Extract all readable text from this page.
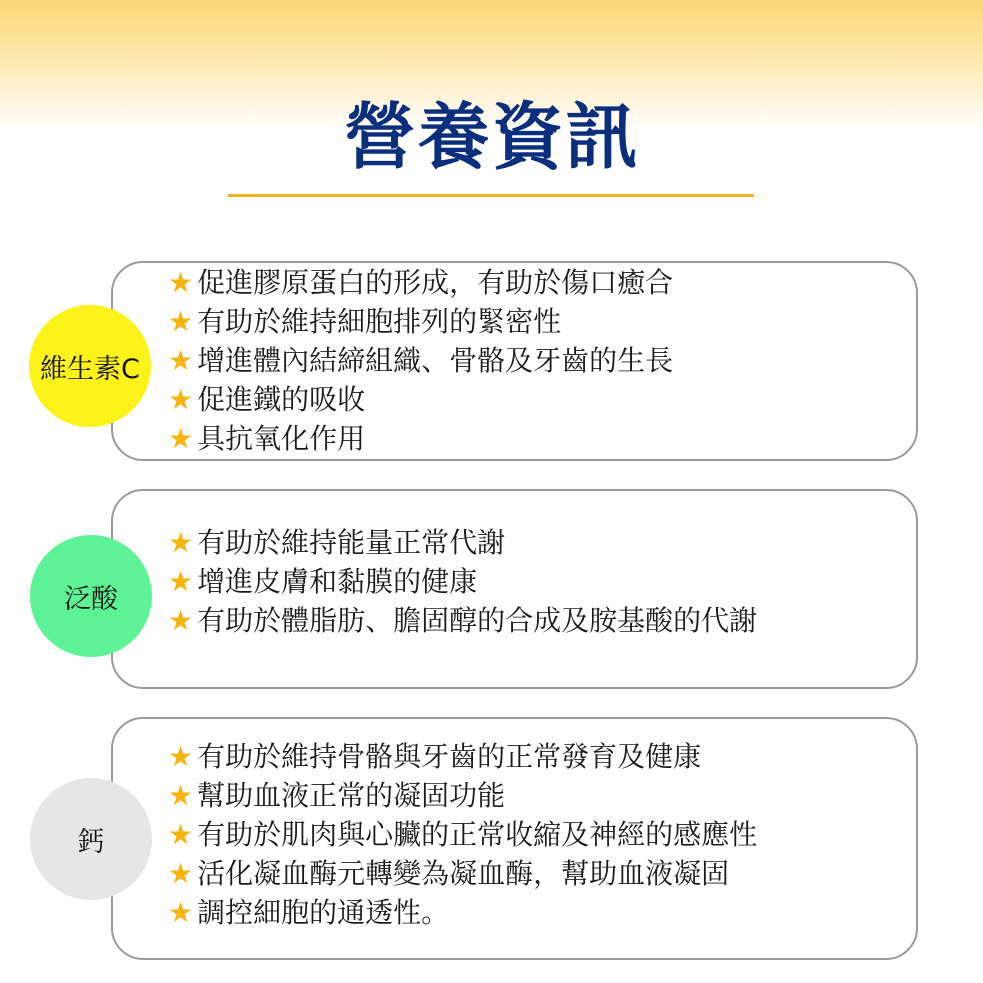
營養資訊
維生素C
★ 促進膠原蛋白的形成，有助於傷口癒合
★ 有助於維持細胞排列的緊密性
★ 增進體內結締組織、骨骼及牙齒的生長
★ 促進鐵的吸收
★ 具抗氧化作用
泛酸
★ 有助於維持能量正常代謝
★ 增進皮膚和黏膜的健康
★ 有助於體脂肪、膽固醇的合成及胺基酸的代謝
鈣
★ 有助於維持骨骼與牙齒的正常發育及健康
★ 幫助血液正常的凝固功能
★ 有助於肌肉與心臟的正常收縮及神經的感應性
★ 活化凝血酶元轉變為凝血酶，幫助血液凝固
★ 調控細胞的通透性。
